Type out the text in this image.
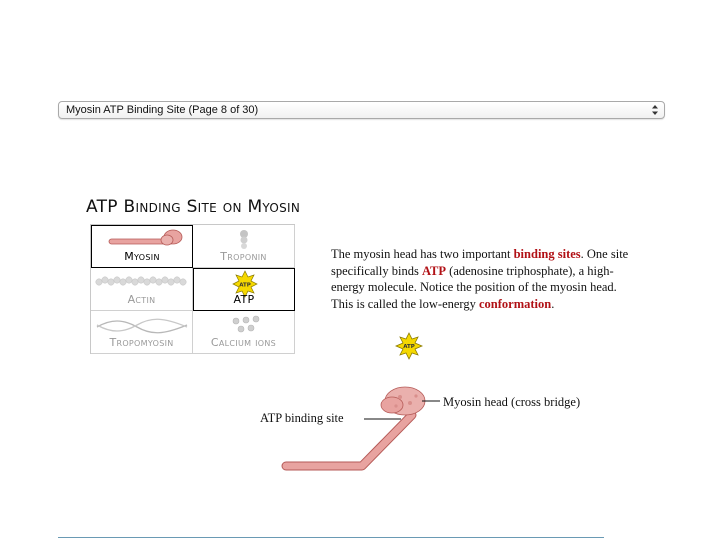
Myosin ATP Binding Site (Page 8 of 30)
ATP Binding Site on Myosin
Myosin	Troponin
Actin
ATP
ATP
Tropomyosin	Calcium ions
The myosin head has two important binding sites. One site specifically binds ATP (adenosine triphosphate), a high-energy molecule. Notice the position of the myosin head. This is called the low-energy conformation.
ATP
Myosin head (cross bridge)
ATP binding site
